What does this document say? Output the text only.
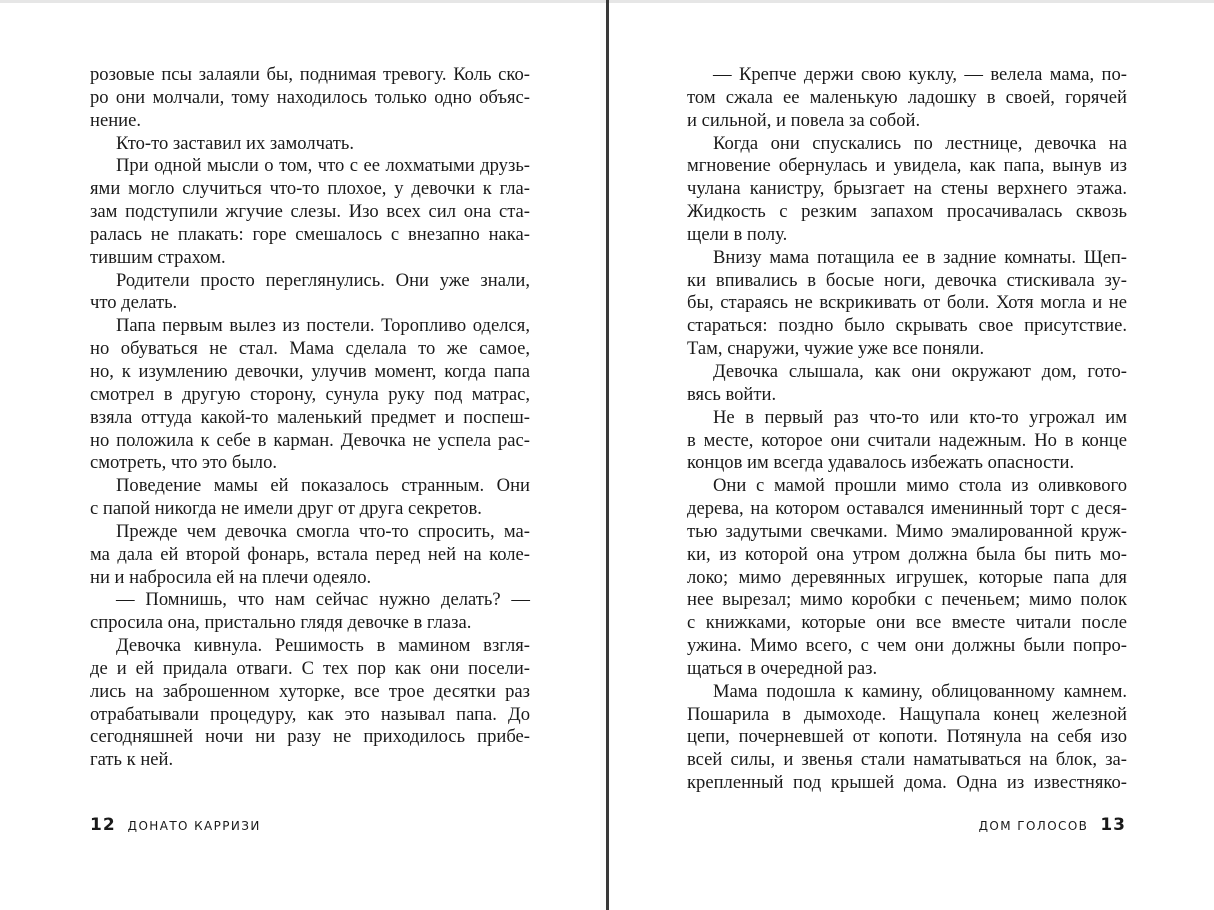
розовые псы залаяли бы, поднимая тревогу. Коль ско-
ро они молчали, тому находилось только одно объяс-
нение.
Кто-то заставил их замолчать.
При одной мысли о том, что с ее лохматыми друзь-
ями могло случиться что-то плохое, у девочки к гла-
зам подступили жгучие слезы. Изо всех сил она ста-
ралась не плакать: горе смешалось с внезапно нака-
тившим страхом.
Родители просто переглянулись. Они уже знали,
что делать.
Папа первым вылез из постели. Торопливо оделся,
но обуваться не стал. Мама сделала то же самое,
но, к изумлению девочки, улучив момент, когда папа
смотрел в другую сторону, сунула руку под матрас,
взяла оттуда какой-то маленький предмет и поспеш-
но положила к себе в карман. Девочка не успела рас-
смотреть, что это было.
Поведение мамы ей показалось странным. Они
с папой никогда не имели друг от друга секретов.
Прежде чем девочка смогла что-то спросить, ма-
ма дала ей второй фонарь, встала перед ней на коле-
ни и набросила ей на плечи одеяло.
— Помнишь, что нам сейчас нужно делать? —
спросила она, пристально глядя девочке в глаза.
Девочка кивнула. Решимость в мамином взгля-
де и ей придала отваги. С тех пор как они посели-
лись на заброшенном хуторке, все трое десятки раз
отрабатывали процедуру, как это называл папа. До
сегодняшней ночи ни разу не приходилось прибе-
гать к ней.
12 ДОНАТО КАРРИЗИ
— Крепче держи свою куклу, — велела мама, по-
том сжала ее маленькую ладошку в своей, горячей
и сильной, и повела за собой.
Когда они спускались по лестнице, девочка на
мгновение обернулась и увидела, как папа, вынув из
чулана канистру, брызгает на стены верхнего этажа.
Жидкость с резким запахом просачивалась сквозь
щели в полу.
Внизу мама потащила ее в задние комнаты. Щеп-
ки впивались в босые ноги, девочка стискивала зу-
бы, стараясь не вскрикивать от боли. Хотя могла и не
стараться: поздно было скрывать свое присутствие.
Там, снаружи, чужие уже все поняли.
Девочка слышала, как они окружают дом, гото-
вясь войти.
Не в первый раз что-то или кто-то угрожал им
в месте, которое они считали надежным. Но в конце
концов им всегда удавалось избежать опасности.
Они с мамой прошли мимо стола из оливкового
дерева, на котором оставался именинный торт с деся-
тью задутыми свечками. Мимо эмалированной круж-
ки, из которой она утром должна была бы пить мо-
локо; мимо деревянных игрушек, которые папа для
нее вырезал; мимо коробки с печеньем; мимо полок
с книжками, которые они все вместе читали после
ужина. Мимо всего, с чем они должны были попро-
щаться в очередной раз.
Мама подошла к камину, облицованному камнем.
Пошарила в дымоходе. Нащупала конец железной
цепи, почерневшей от копоти. Потянула на себя изо
всей силы, и звенья стали наматываться на блок, за-
крепленный под крышей дома. Одна из известняко-
ДОМ ГОЛОСОВ 13
